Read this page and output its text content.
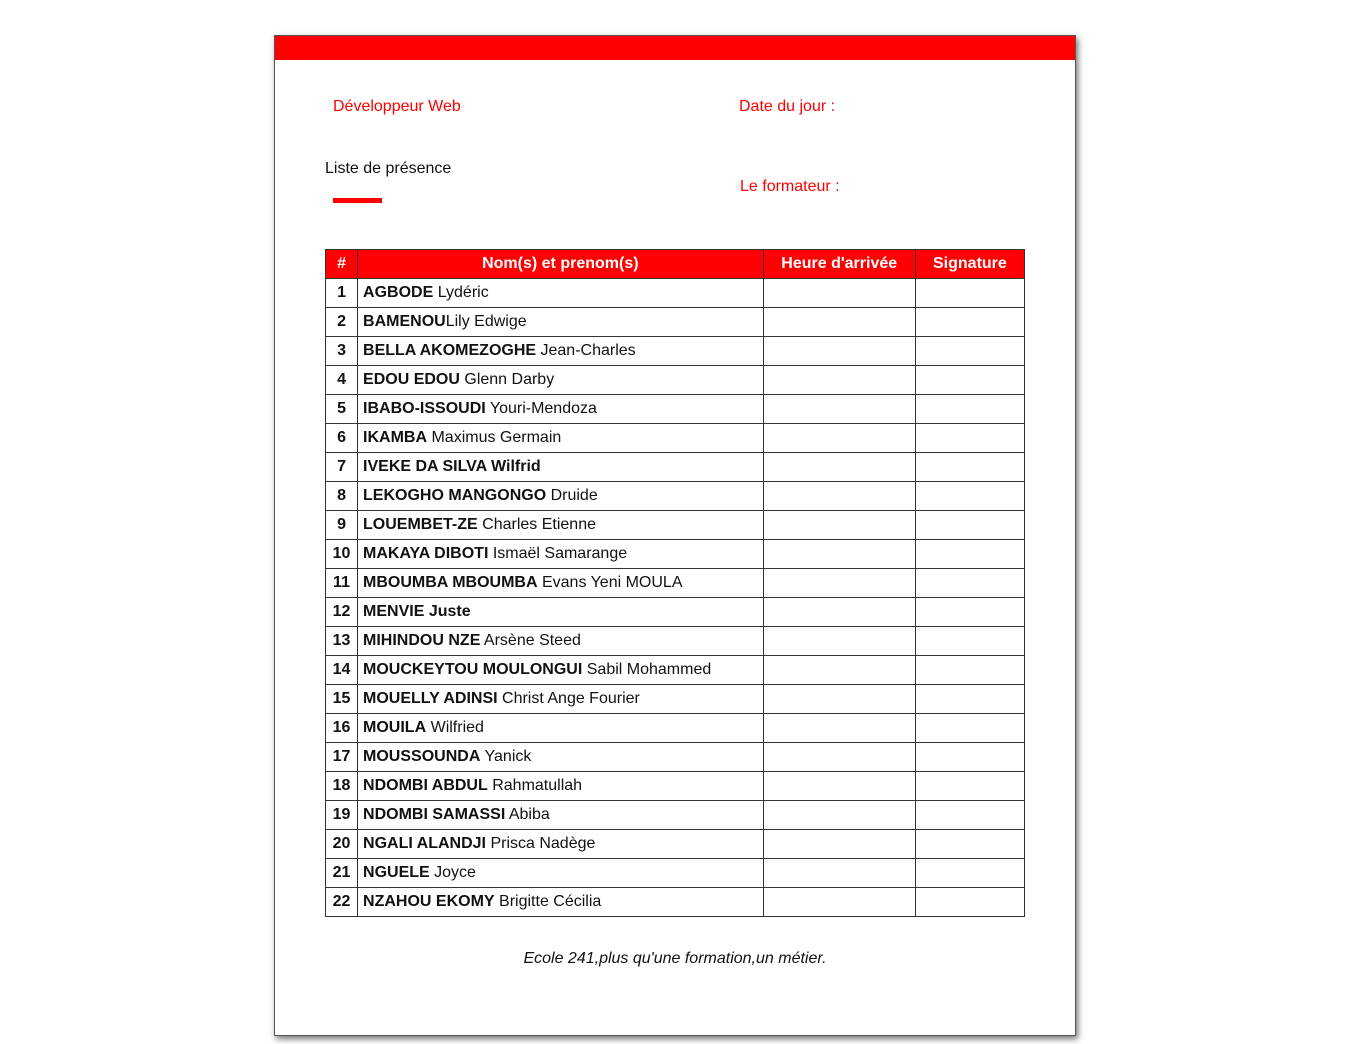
Développeur Web	Date du jour :
Liste de présence
Le formateur :
#	Nom(s) et prenom(s)	Heure d'arrivée	Signature
1	AGBODE Lydéric		
2	BAMENOULily Edwige		
3	BELLA AKOMEZOGHE Jean-Charles		
4	EDOU EDOU Glenn Darby		
5	IBABO-ISSOUDI Youri-Mendoza		
6	IKAMBA Maximus Germain		
7	IVEKE DA SILVA Wilfrid		
8	LEKOGHO MANGONGO Druide		
9	LOUEMBET-ZE Charles Etienne		
10	MAKAYA DIBOTI Ismaël Samarange		
11	MBOUMBA MBOUMBA Evans Yeni MOULA		
12	MENVIE Juste		
13	MIHINDOU NZE Arsène Steed		
14	MOUCKEYTOU MOULONGUI Sabil Mohammed		
15	MOUELLY ADINSI Christ Ange Fourier		
16	MOUILA Wilfried		
17	MOUSSOUNDA Yanick		
18	NDOMBI ABDUL Rahmatullah		
19	NDOMBI SAMASSI Abiba		
20	NGALI ALANDJI Prisca Nadège		
21	NGUELE Joyce		
22	NZAHOU EKOMY Brigitte Cécilia		
Ecole 241,plus qu'une formation,un métier.
